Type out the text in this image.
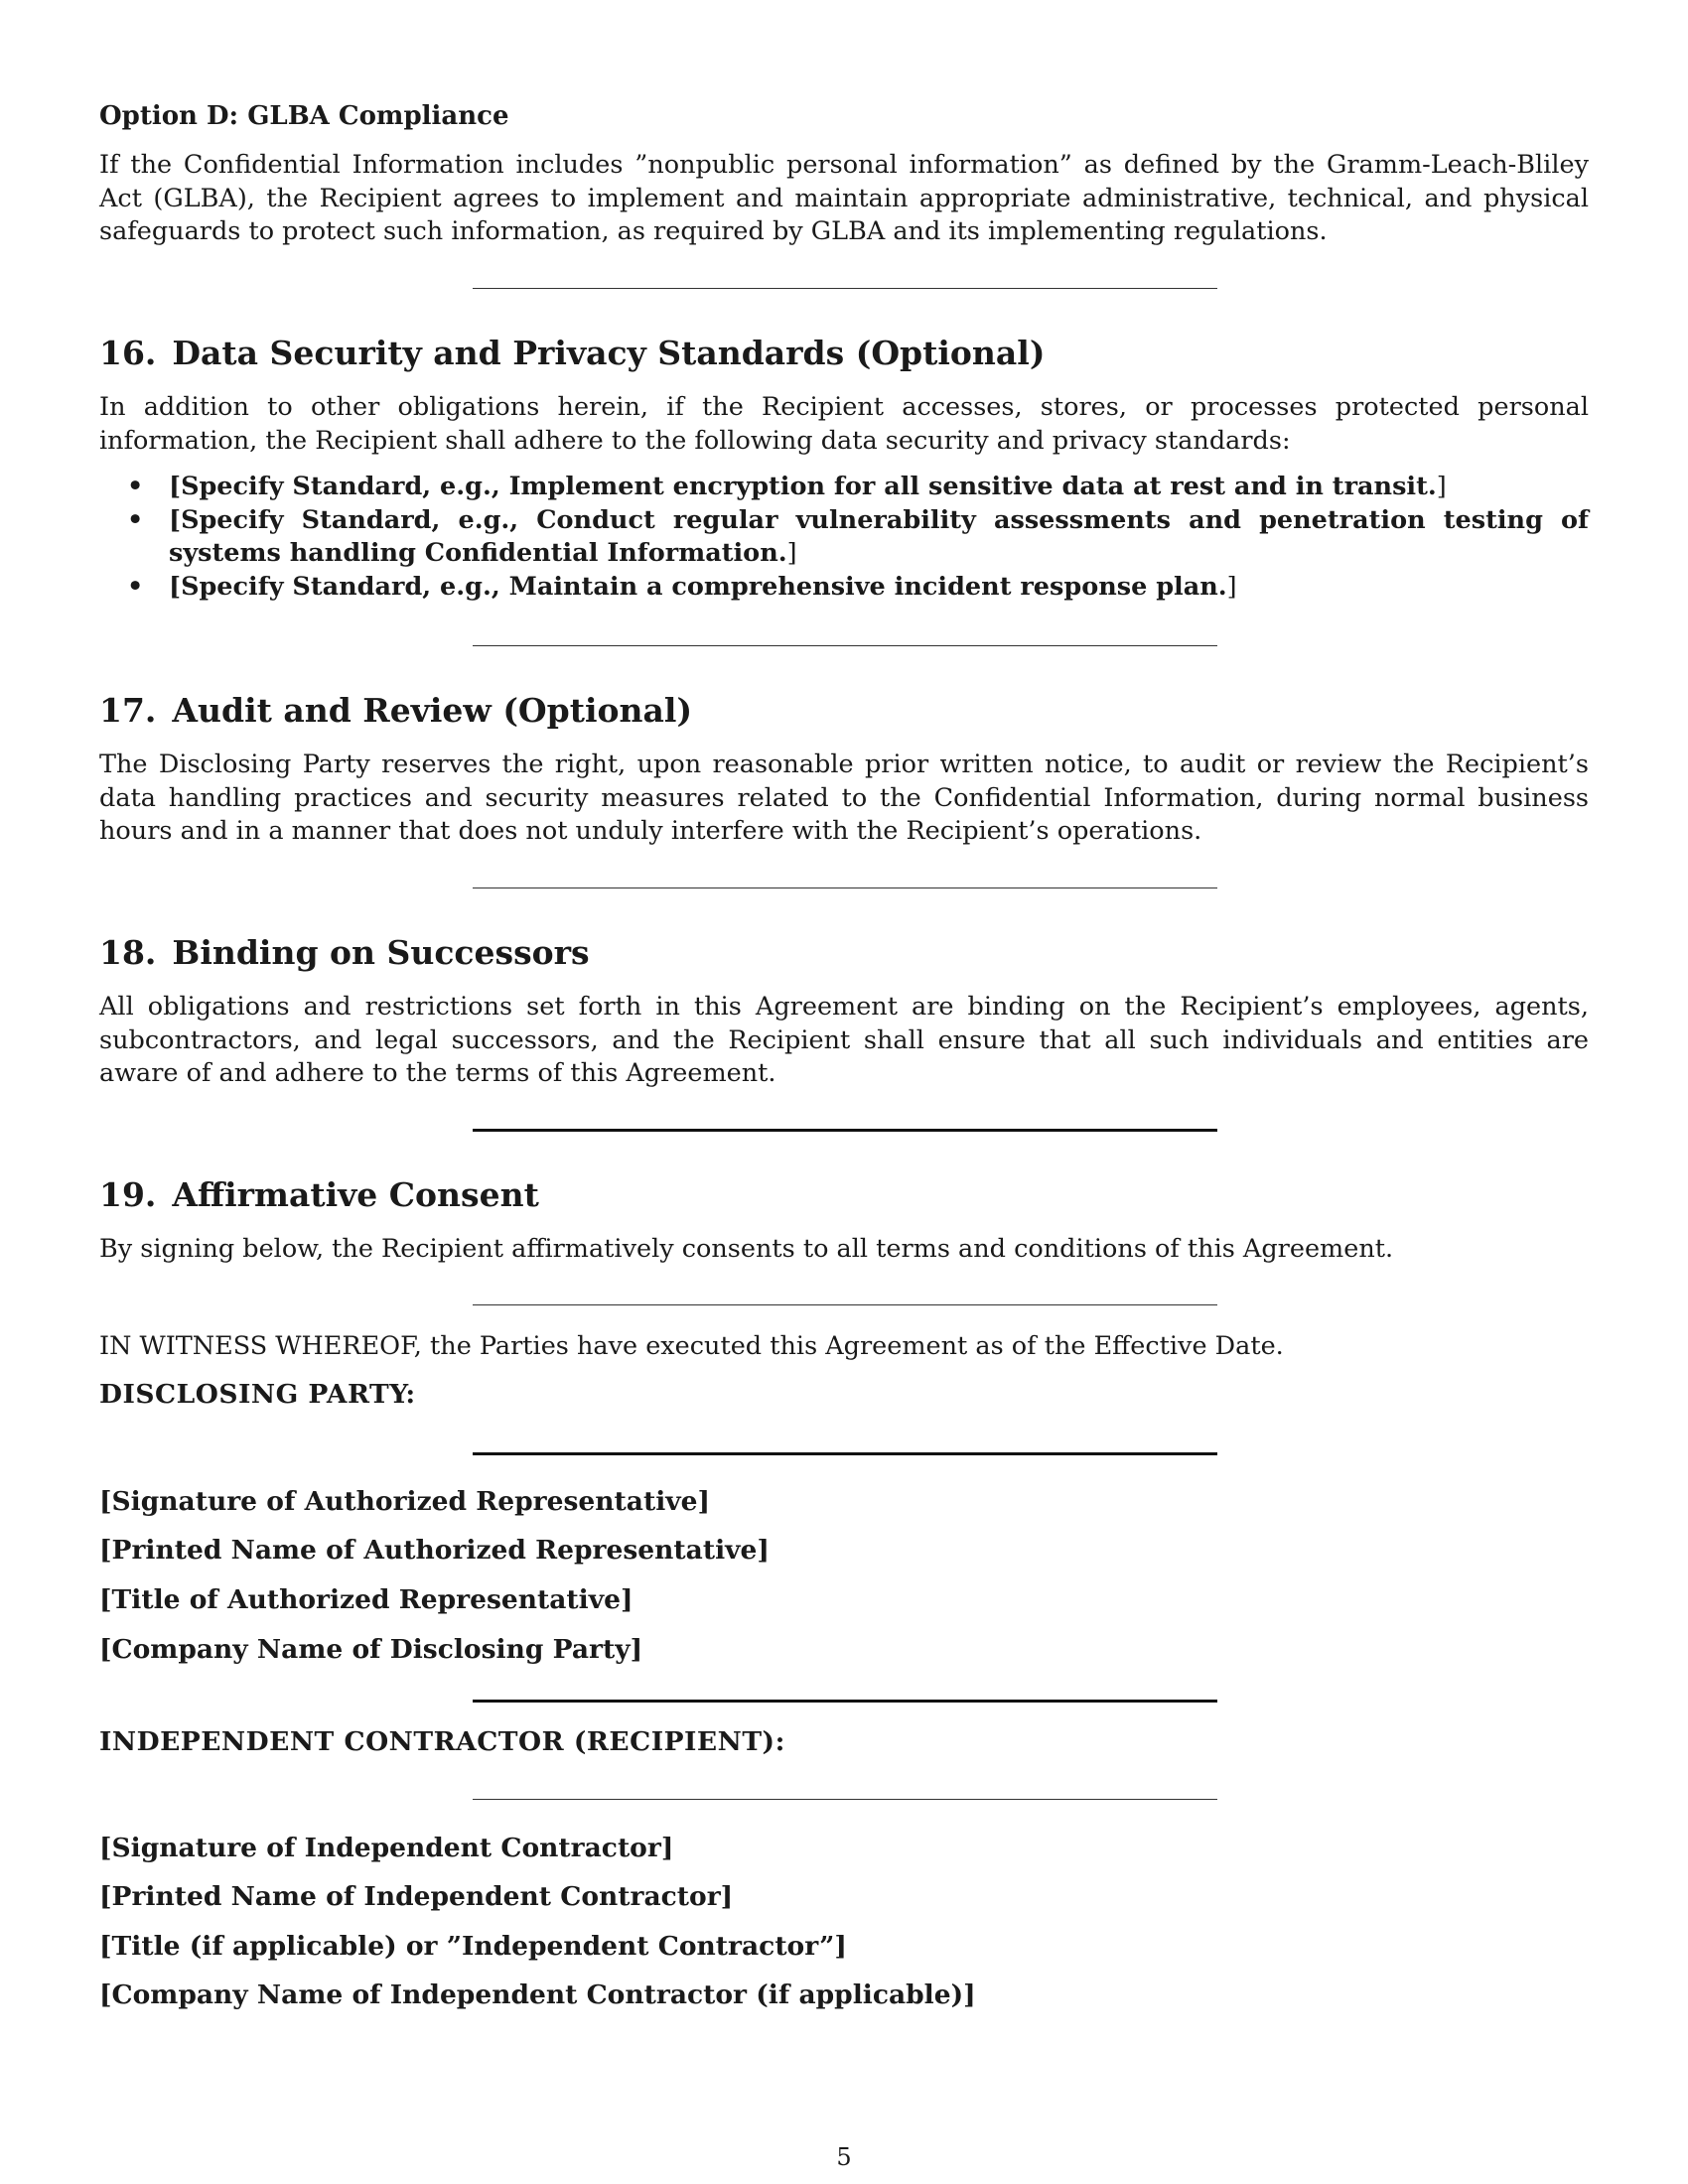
Option D: GLBA Compliance

If the Confidential Information includes ”nonpublic personal information” as defined by the Gramm-Leach-Bliley Act (GLBA), the Recipient agrees to implement and maintain appropriate administrative, technical, and physical safeguards to protect such information, as required by GLBA and its implementing regulations.

16. Data Security and Privacy Standards (Optional)

In addition to other obligations herein, if the Recipient accesses, stores, or processes protected personal information, the Recipient shall adhere to the following data security and privacy standards:

• [Specify Standard, e.g., Implement encryption for all sensitive data at rest and in transit.]
• [Specify Standard, e.g., Conduct regular vulnerability assessments and penetration testing of systems handling Confidential Information.]
• [Specify Standard, e.g., Maintain a comprehensive incident response plan.]
17. Audit and Review (Optional)

The Disclosing Party reserves the right, upon reasonable prior written notice, to audit or review the Recipient’s data handling practices and security measures related to the Confidential Information, during normal business hours and in a manner that does not unduly interfere with the Recipient’s operations.

18. Binding on Successors

All obligations and restrictions set forth in this Agreement are binding on the Recipient’s employees, agents, subcontractors, and legal successors, and the Recipient shall ensure that all such individuals and entities are aware of and adhere to the terms of this Agreement.

19. Affirmative Consent

By signing below, the Recipient affirmatively consents to all terms and conditions of this Agreement.

IN WITNESS WHEREOF, the Parties have executed this Agreement as of the Effective Date.

DISCLOSING PARTY:
[Signature of Authorized Representative]
[Printed Name of Authorized Representative]
[Title of Authorized Representative]
[Company Name of Disclosing Party]
INDEPENDENT CONTRACTOR (RECIPIENT):
[Signature of Independent Contractor]
[Printed Name of Independent Contractor]
[Title (if applicable) or ”Independent Contractor”]
[Company Name of Independent Contractor (if applicable)]
5
